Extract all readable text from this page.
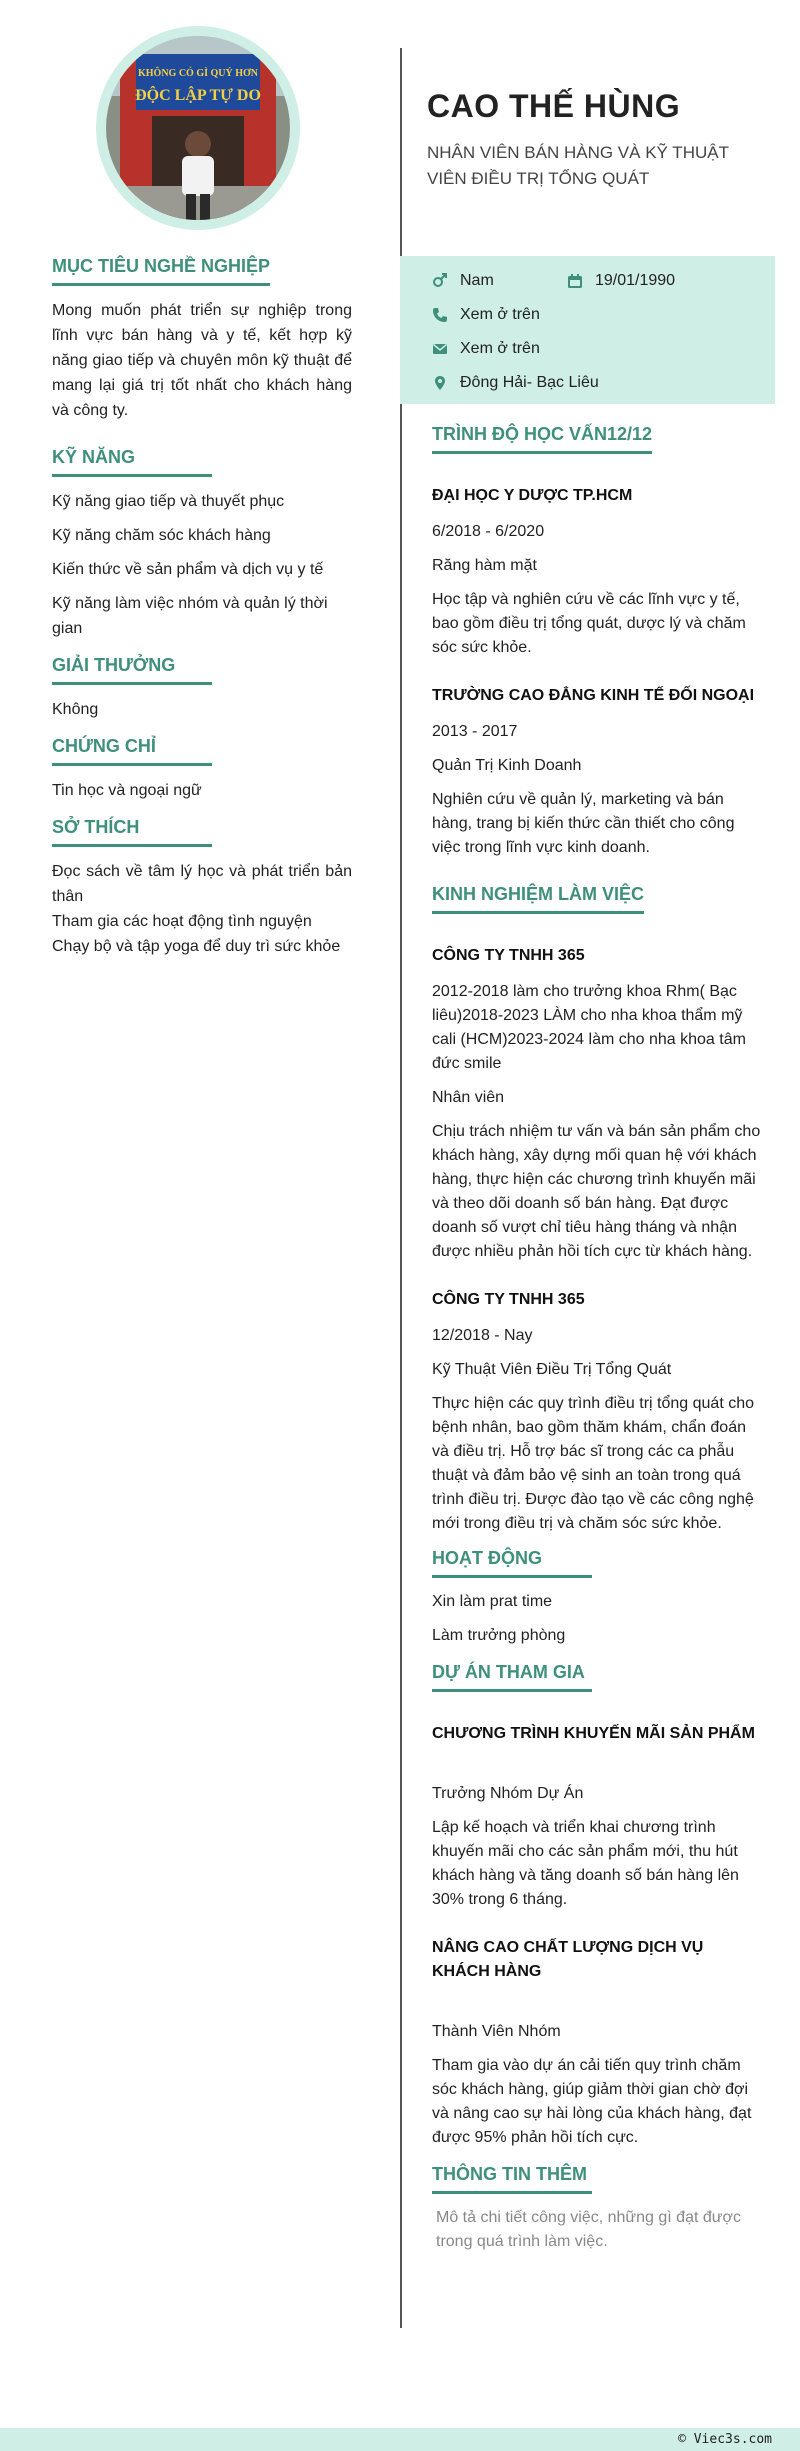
KHÔNG CÓ GÌ QUÝ HƠN
ĐỘC LẬP TỰ DO
MỤC TIÊU NGHỀ NGHIỆP

Mong muốn phát triển sự nghiệp trong lĩnh vực bán hàng và y tế, kết hợp kỹ năng giao tiếp và chuyên môn kỹ thuật để mang lại giá trị tốt nhất cho khách hàng và công ty.

KỸ NĂNG
Kỹ năng giao tiếp và thuyết phục
Kỹ năng chăm sóc khách hàng
Kiến thức về sản phẩm và dịch vụ y tế
Kỹ năng làm việc nhóm và quản lý thời gian
GIẢI THƯỞNG
Không
CHỨNG CHỈ
Tin học và ngoại ngữ
SỞ THÍCH
Đọc sách về tâm lý học và phát triển bản thân
Tham gia các hoạt động tình nguyện
Chạy bộ và tập yoga để duy trì sức khỏe
CAO THẾ HÙNG
NHÂN VIÊN BÁN HÀNG VÀ KỸ THUẬT VIÊN ĐIỀU TRỊ TỔNG QUÁT
Nam	19/01/1990
Xem ở trên
Xem ở trên
Đông Hải- Bạc Liêu
TRÌNH ĐỘ HỌC VẤN12/12
ĐẠI HỌC Y DƯỢC TP.HCM
6/2018 - 6/2020
Răng hàm mặt
Học tập và nghiên cứu về các lĩnh vực y tế, bao gồm điều trị tổng quát, dược lý và chăm sóc sức khỏe.
TRƯỜNG CAO ĐẲNG KINH TẾ ĐỐI NGOẠI
2013 - 2017
Quản Trị Kinh Doanh
Nghiên cứu về quản lý, marketing và bán hàng, trang bị kiến thức cần thiết cho công việc trong lĩnh vực kinh doanh.
KINH NGHIỆM LÀM VIỆC
CÔNG TY TNHH 365
2012-2018 làm cho trưởng khoa Rhm( Bạc liêu)2018-2023 LÀM cho nha khoa thẩm mỹ cali (HCM)2023-2024 làm cho nha khoa tâm đức smile
Nhân viên
Chịu trách nhiệm tư vấn và bán sản phẩm cho khách hàng, xây dựng mối quan hệ với khách hàng, thực hiện các chương trình khuyến mãi và theo dõi doanh số bán hàng. Đạt được doanh số vượt chỉ tiêu hàng tháng và nhận được nhiều phản hồi tích cực từ khách hàng.
CÔNG TY TNHH 365
12/2018 - Nay
Kỹ Thuật Viên Điều Trị Tổng Quát
Thực hiện các quy trình điều trị tổng quát cho bệnh nhân, bao gồm thăm khám, chẩn đoán và điều trị. Hỗ trợ bác sĩ trong các ca phẫu thuật và đảm bảo vệ sinh an toàn trong quá trình điều trị. Được đào tạo về các công nghệ mới trong điều trị và chăm sóc sức khỏe.
HOẠT ĐỘNG
Xin làm prat time
Làm trưởng phòng
DỰ ÁN THAM GIA
CHƯƠNG TRÌNH KHUYẾN MÃI SẢN PHẨM
Trưởng Nhóm Dự Án
Lập kế hoạch và triển khai chương trình khuyến mãi cho các sản phẩm mới, thu hút khách hàng và tăng doanh số bán hàng lên 30% trong 6 tháng.
NÂNG CAO CHẤT LƯỢNG DỊCH VỤ KHÁCH HÀNG
Thành Viên Nhóm
Tham gia vào dự án cải tiến quy trình chăm sóc khách hàng, giúp giảm thời gian chờ đợi và nâng cao sự hài lòng của khách hàng, đạt được 95% phản hồi tích cực.
THÔNG TIN THÊM
Mô tả chi tiết công việc, những gì đạt được trong quá trình làm việc.
© Viec3s.com
